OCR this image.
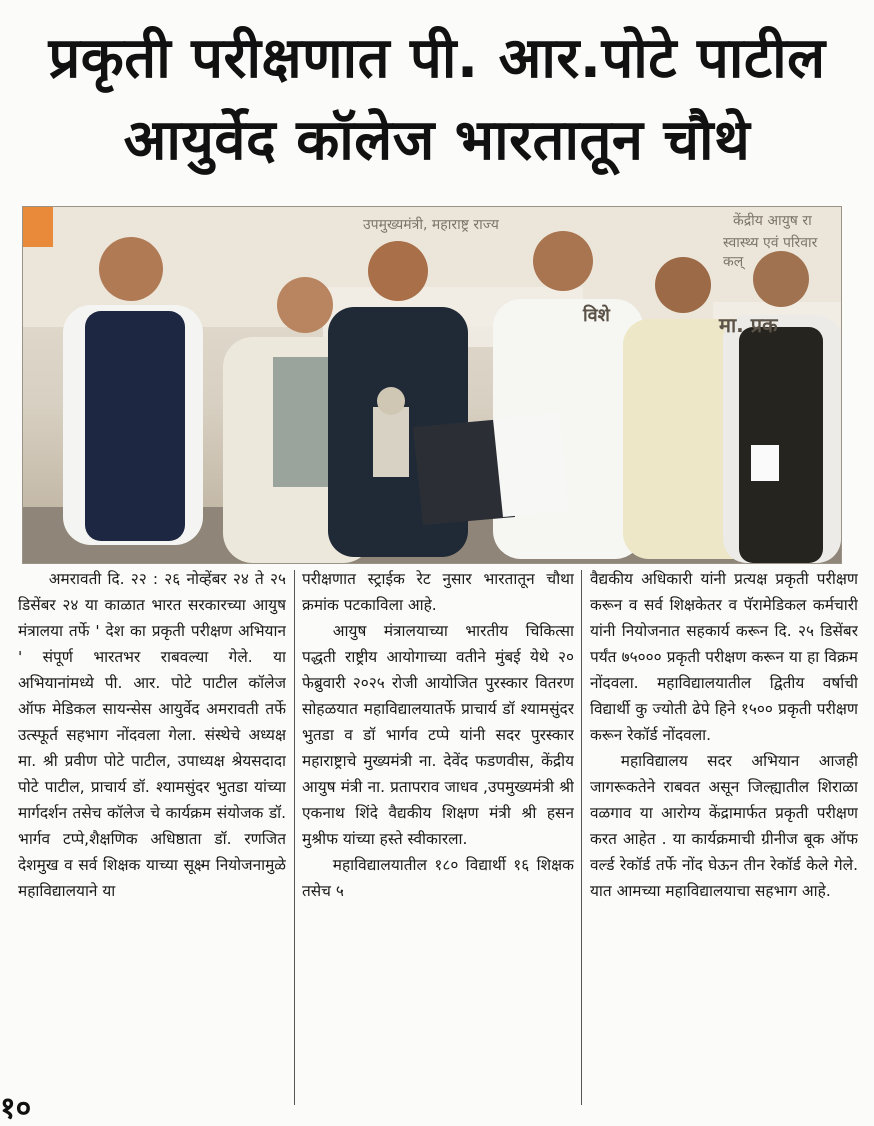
प्रकृती परीक्षणात पी. आर.पोटे पाटील
आयुर्वेद कॉलेज भारतातून चौथे
उपमुख्यमंत्री, महाराष्ट्र राज्य	केंद्रीय आयुष रा
स्वास्थ्य एवं परिवार कल्
विशे	मा. प्रक

अमरावती दि. २२ : २६ नोव्हेंबर २४ ते २५ डिसेंबर २४ या काळात भारत सरकारच्या आयुष मंत्रालया तर्फे ' देश का प्रकृती परीक्षण अभियान ' संपूर्ण भारतभर राबवल्या गेले. या अभियानांमध्ये पी. आर. पोटे पाटील कॉलेज ऑफ मेडिकल सायन्सेस आयुर्वेद अमरावती तर्फे उत्स्फूर्त सहभाग नोंदवला गेला. संस्थेचे अध्यक्ष मा. श्री प्रवीण पोटे पाटील, उपाध्यक्ष श्रेयसदादा पोटे पाटील, प्राचार्य डॉ. श्यामसुंदर भुतडा यांच्या मार्गदर्शन तसेच कॉलेज चे कार्यक्रम संयोजक डॉ. भार्गव टप्पे,शैक्षणिक अधिष्ठाता डॉ. रणजित देशमुख व सर्व शिक्षक याच्या सूक्ष्म नियोजनामुळे महाविद्यालयाने या

परीक्षणात स्ट्राईक रेट नुसार भारतातून चौथा क्रमांक पटकाविला आहे.

आयुष मंत्रालयाच्या भारतीय चिकित्सा पद्धती राष्ट्रीय आयोगाच्या वतीने मुंबई येथे २० फेब्रुवारी २०२५ रोजी आयोजित पुरस्कार वितरण सोहळयात महाविद्यालयातर्फे प्राचार्य डॉ श्यामसुंदर भुतडा व डॉ भार्गव टप्पे यांनी सदर पुरस्कार महाराष्ट्राचे मुख्यमंत्री ना. देवेंद फडणवीस, केंद्रीय आयुष मंत्री ना. प्रतापराव जाधव ,उपमुख्यमंत्री श्री एकनाथ शिंदे वैद्यकीय शिक्षण मंत्री श्री हसन मुश्रीफ यांच्या हस्ते स्वीकारला.

महाविद्यालयातील १८० विद्यार्थी १६ शिक्षक तसेच ५

वैद्यकीय अधिकारी यांनी प्रत्यक्ष प्रकृती परीक्षण करून व सर्व शिक्षकेतर व पॅरामेडिकल कर्मचारी यांनी नियोजनात सहकार्य करून दि. २५ डिसेंबर पर्यंत ७५००० प्रकृती परीक्षण करून या हा विक्रम नोंदवला. महाविद्यालयातील द्वितीय वर्षाची विद्यार्थी कु ज्योती ढेपे हिने १५०० प्रकृती परीक्षण करून रेकॉर्ड नोंदवला.

महाविद्यालय सदर अभियान आजही जागरूकतेने राबवत असून जिल्ह्यातील शिराळा वळगाव या आरोग्य केंद्रामार्फत प्रकृती परीक्षण करत आहेत . या कार्यक्रमाची ग्रीनीज बूक ऑफ वर्ल्ड रेकॉर्ड तर्फे नोंद घेऊन तीन रेकॉर्ड केले गेले. यात आमच्या महाविद्यालयाचा सहभाग आहे.

१०
